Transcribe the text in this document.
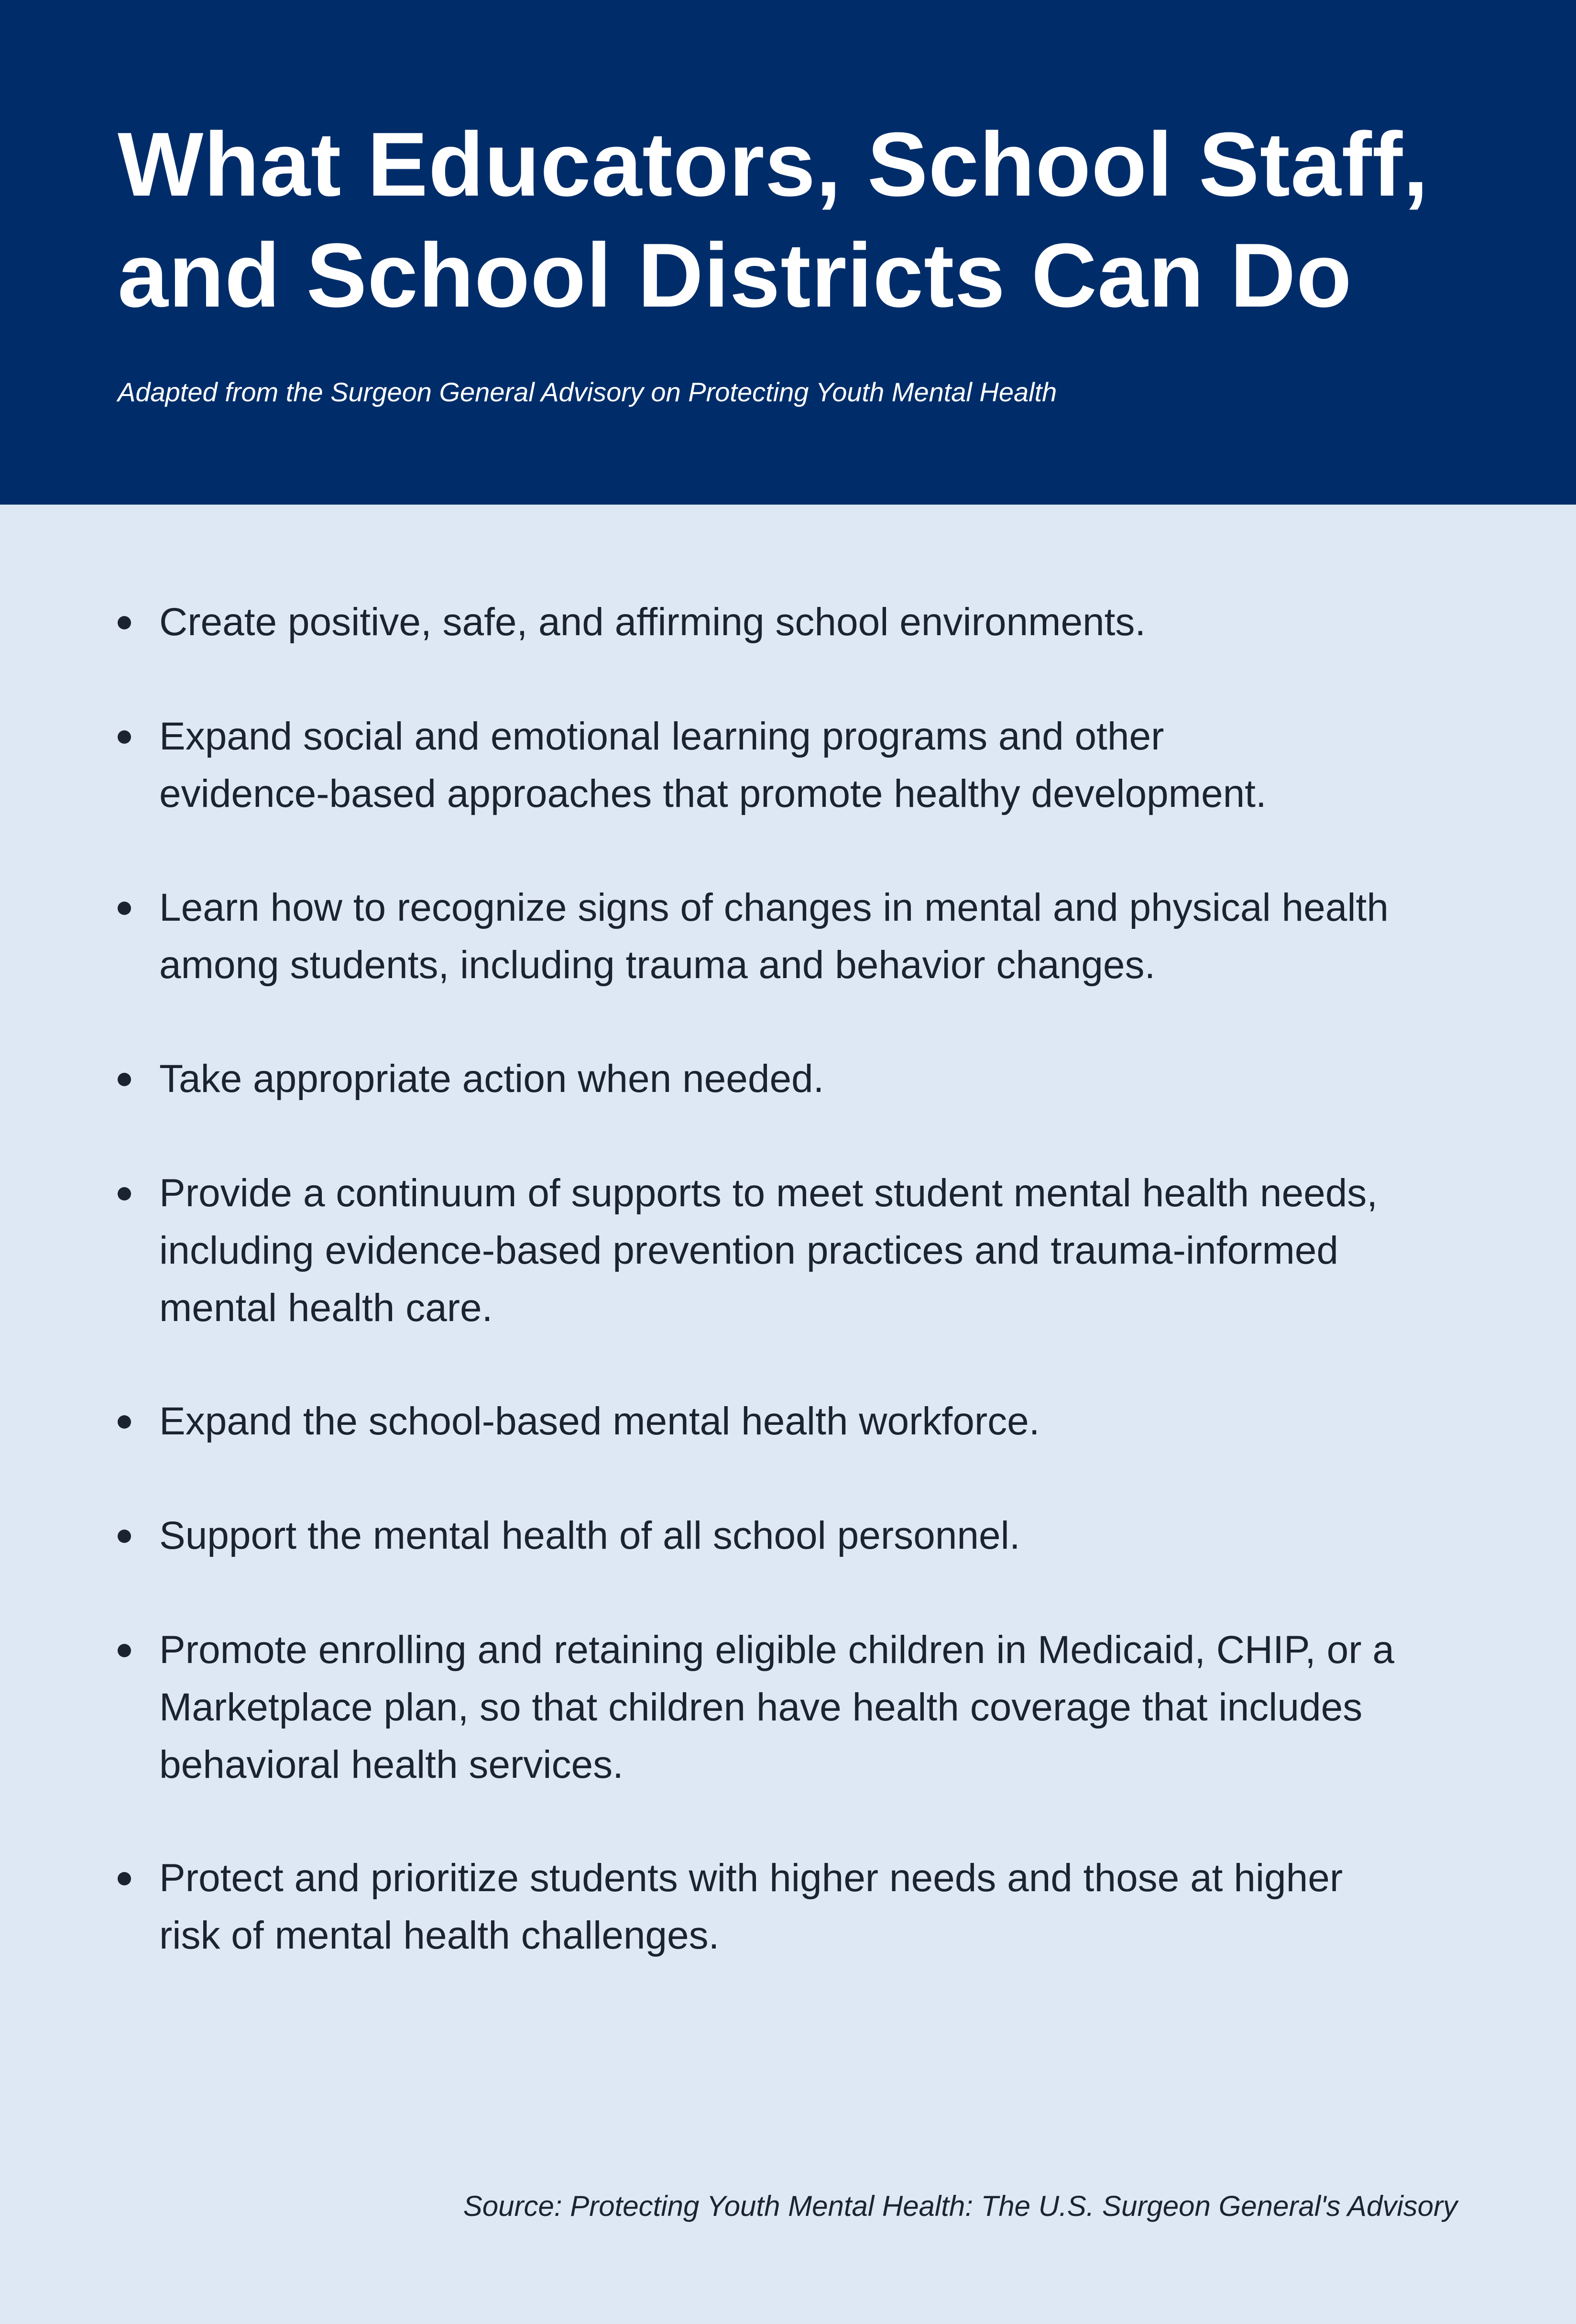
What Educators, School Staff,
and School Districts Can Do

Adapted from the Surgeon General Advisory on Protecting Youth Mental Health

Create positive, safe, and affirming school environments.
Expand social and emotional learning programs and other
evidence-based approaches that promote healthy development.
Learn how to recognize signs of changes in mental and physical health
among students, including trauma and behavior changes.
Take appropriate action when needed.
Provide a continuum of supports to meet student mental health needs,
including evidence-based prevention practices and trauma-informed
mental health care.
Expand the school-based mental health workforce.
Support the mental health of all school personnel.
Promote enrolling and retaining eligible children in Medicaid, CHIP, or a
Marketplace plan, so that children have health coverage that includes
behavioral health services.
Protect and prioritize students with higher needs and those at higher
risk of mental health challenges.

Source: Protecting Youth Mental Health: The U.S. Surgeon General's Advisory
